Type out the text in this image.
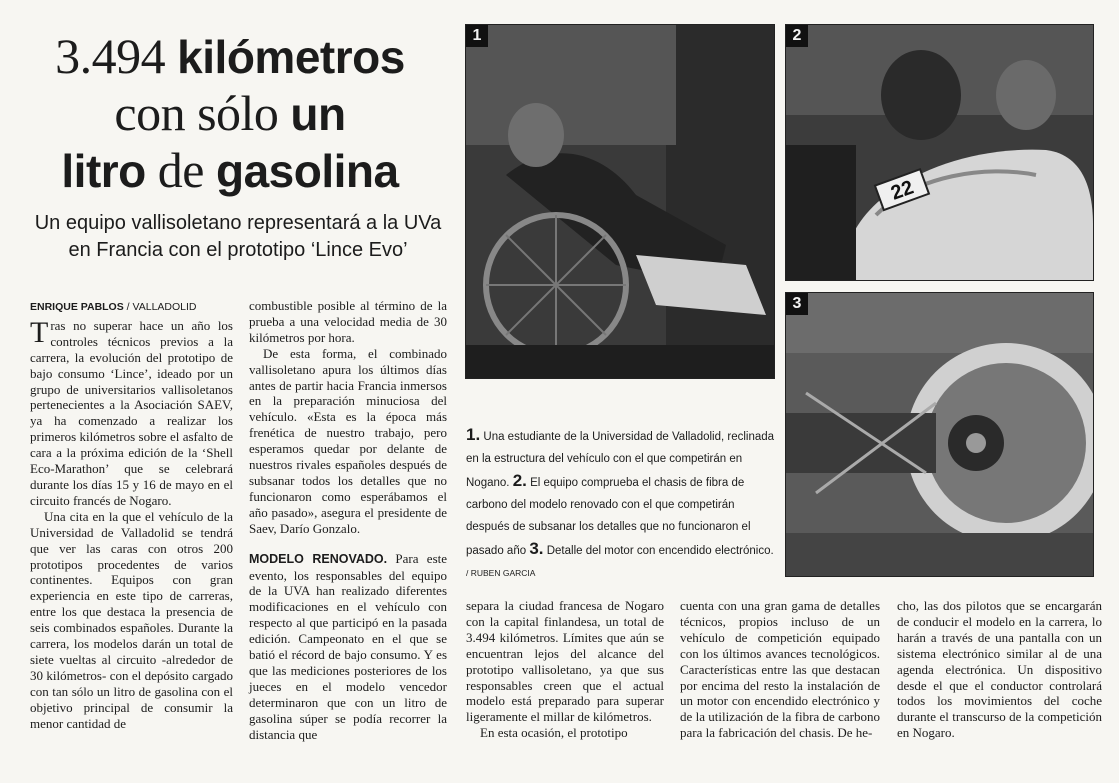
3.494 kilómetros
con sólo un
litro de gasolina
Un equipo vallisoletano representará a la UVa en Francia con el prototipo ‘Lince Evo’
ENRIQUE PABLOS / VALLADOLID

Tras no superar hace un año los controles técnicos previos a la carrera, la evolución del prototipo de bajo consumo ‘Lince’, ideado por un grupo de universitarios vallisoletanos pertenecientes a la Asociación SAEV, ya ha comenzado a realizar los primeros kilómetros sobre el asfalto de cara a la próxima edición de la ‘Shell Eco-Marathon’ que se celebrará durante los días 15 y 16 de mayo en el circuito francés de Nogaro.

Una cita en la que el vehículo de la Universidad de Valladolid se tendrá que ver las caras con otros 200 prototipos procedentes de varios continentes. Equipos con gran experiencia en este tipo de carreras, entre los que destaca la presencia de seis combinados españoles. Durante la carrera, los modelos darán un total de siete vueltas al circuito -alrededor de 30 kilómetros- con el depósito cargado con tan sólo un litro de gasolina con el objetivo principal de consumir la menor cantidad de

combustible posible al término de la prueba a una velocidad media de 30 kilómetros por hora.

De esta forma, el combinado vallisoletano apura los últimos días antes de partir hacia Francia inmersos en la preparación minuciosa del vehículo. «Esta es la época más frenética de nuestro trabajo, pero esperamos quedar por delante de nuestros rivales españoles después de subsanar todos los detalles que no funcionaron como esperábamos el año pasado», asegura el presidente de Saev, Darío Gonzalo.

MODELO RENOVADO. Para este evento, los responsables del equipo de la UVA han realizado diferentes modificaciones en el vehículo con respecto al que participó en la pasada edición. Campeonato en el que se batió el récord de bajo consumo. Y es que las mediciones posteriores de los jueces en el modelo vencedor determinaron que con un litro de gasolina súper se podía recorrer la distancia que

separa la ciudad francesa de Nogaro con la capital finlandesa, un total de 3.494 kilómetros. Límites que aún se encuentran lejos del alcance del prototipo vallisoletano, ya que sus responsables creen que el actual modelo está preparado para superar ligeramente el millar de kilómetros.

En esta ocasión, el prototipo

cuenta con una gran gama de detalles técnicos, propios incluso de un vehículo de competición equipado con los últimos avances tecnológicos. Características entre las que destacan por encima del resto la instalación de un motor con encendido electrónico y de la utilización de la fibra de carbono para la fabricación del chasis. De he-

cho, las dos pilotos que se encargarán de conducir el modelo en la carrera, lo harán a través de una pantalla con un sistema electrónico similar al de una agenda electrónica. Un dispositivo desde el que el conductor controlará todos los movimientos del coche durante el transcurso de la competición en Nogaro.

1
22
2
3
1. Una estudiante de la Universidad de Valladolid, reclinada en la estructura del vehículo con el que competirán en Nogano. 2. El equipo comprueba el chasis de fibra de carbono del modelo renovado con el que competirán después de subsanar los detalles que no funcionaron el pasado año 3. Detalle del motor con encendido electrónico. / RUBEN GARCIA
